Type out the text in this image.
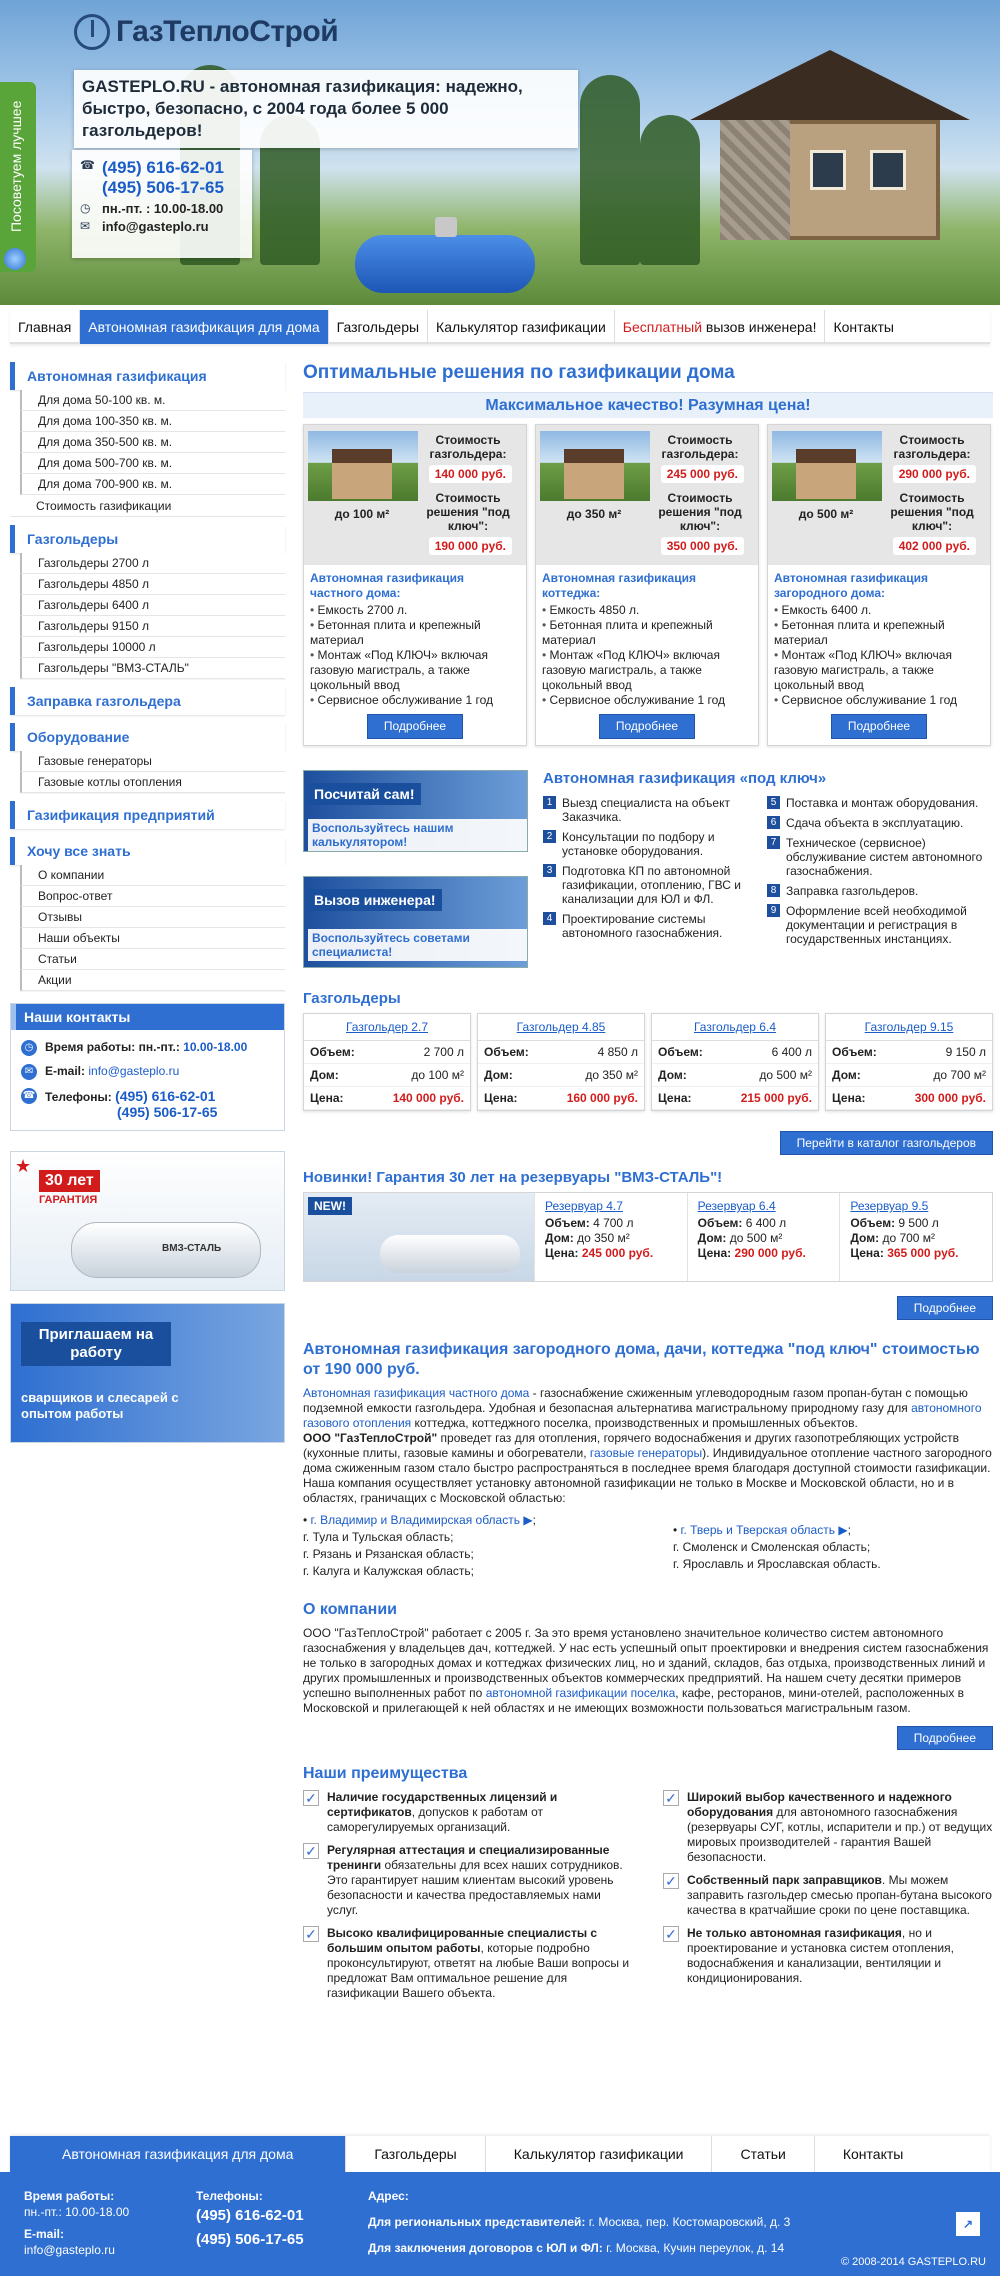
ГазТеплоСтрой
GASTEPLO.RU - автономная газификация: надежно, быстро, безопасно, с 2004 года более 5 000 газгольдеров!
☎ (495) 616-62-01
(495) 506-17-65
◷ пн.-пт. : 10.00-18.00
✉ info@gasteplo.ru
Посоветуем лучшее
Главная	Автономная газификация для дома	Газгольдеры	Калькулятор газификации	Бесплатный вызов инженера!	Контакты
Автономная газификация
Для дома 50-100 кв. м.
Для дома 100-350 кв. м.
Для дома 350-500 кв. м.
Для дома 500-700 кв. м.
Для дома 700-900 кв. м.
Стоимость газификации
Газгольдеры
Газгольдеры 2700 л
Газгольдеры 4850 л
Газгольдеры 6400 л
Газгольдеры 9150 л
Газгольдеры 10000 л
Газгольдеры "ВМЗ-СТАЛЬ"
Заправка газгольдера
Оборудование
Газовые генераторы
Газовые котлы отопления
Газификация предприятий
Хочу все знать
О компании
Вопрос-ответ
Отзывы
Наши объекты
Статьи
Акции
Наши контакты
◷ Время работы: пн.-пт.: 10.00-18.00
✉ E-mail: info@gasteplo.ru
☎ Телефоны: (495) 616-62-01
(495) 506-17-65
★
30 лет
ГАРАНТИЯ
ВМЗ-СТАЛЬ
Приглашаем на работу
сварщиков и слесарей с опытом работы
Оптимальные решения по газификации дома
Максимальное качество! Разумная цена!
до 100 м²
Стоимость газгольдера:
140 000 руб.
Стоимость решения "под ключ":
190 000 руб.
Автономная газификация частного дома:
• Емкость 2700 л.
• Бетонная плита и крепежный материал
• Монтаж «Под КЛЮЧ» включая газовую магистраль, а также цокольный ввод
• Сервисное обслуживание 1 год
Подробнее
до 350 м²
Стоимость газгольдера:
245 000 руб.
Стоимость решения "под ключ":
350 000 руб.
Автономная газификация коттеджа:
• Емкость 4850 л.
• Бетонная плита и крепежный материал
• Монтаж «Под КЛЮЧ» включая газовую магистраль, а также цокольный ввод
• Сервисное обслуживание 1 год
Подробнее
до 500 м²
Стоимость газгольдера:
290 000 руб.
Стоимость решения "под ключ":
402 000 руб.
Автономная газификация загородного дома:
• Емкость 6400 л.
• Бетонная плита и крепежный материал
• Монтаж «Под КЛЮЧ» включая газовую магистраль, а также цокольный ввод
• Сервисное обслуживание 1 год
Подробнее
Посчитай сам!
Воспользуйтесь нашим калькулятором!
Вызов инженера!
Воспользуйтесь советами специалиста!
Автономная газификация «под ключ»
1 Выезд специалиста на объект Заказчика.
2 Консультации по подбору и установке оборудования.
3 Подготовка КП по автономной газификации, отоплению, ГВС и канализации для ЮЛ и ФЛ.
4 Проектирование системы автономного газоснабжения.
5 Поставка и монтаж оборудования.
6 Сдача объекта в эксплуатацию.
7 Техническое (сервисное) обслуживание систем автономного газоснабжения.
8 Заправка газгольдеров.
9 Оформление всей необходимой документации и регистрация в государственных инстанциях.
Газгольдеры
Газгольдер 2.7
Объем:	2 700 л
Дом:	до 100 м²
Цена:	140 000 руб.
Газгольдер 4.85
Объем:	4 850 л
Дом:	до 350 м²
Цена:	160 000 руб.
Газгольдер 6.4
Объем:	6 400 л
Дом:	до 500 м²
Цена:	215 000 руб.
Газгольдер 9.15
Объем:	9 150 л
Дом:	до 700 м²
Цена:	300 000 руб.
Перейти в каталог газгольдеров
Новинки! Гарантия 30 лет на резервуары "ВМЗ-СТАЛЬ"!
NEW!	Резервуар 4.7
Объем: 4 700 л
Дом: до 350 м²
Цена: 245 000 руб.
Резервуар 6.4
Объем: 6 400 л
Дом: до 500 м²
Цена: 290 000 руб.
Резервуар 9.5
Объем: 9 500 л
Дом: до 700 м²
Цена: 365 000 руб.
Подробнее
Автономная газификация загородного дома, дачи, коттеджа "под ключ" стоимостью от 190 000 руб.

Автономная газификация частного дома - газоснабжение сжиженным углеводородным газом пропан-бутан с помощью подземной емкости газгольдера. Удобная и безопасная альтернатива магистральному природному газу для автономного газового отопления коттеджа, коттеджного поселка, производственных и промышленных объектов.

ООО "ГазТеплоСтрой" проведет газ для отопления, горячего водоснабжения и других газопотребляющих устройств (кухонные плиты, газовые камины и обогреватели, газовые генераторы). Индивидуальное отопление частного загородного дома сжиженным газом стало быстро распространяться в последнее время благодаря доступной стоимости газификации.

Наша компания осуществляет установку автономной газификации не только в Москве и Московской области, но и в областях, граничащих с Московской областью:

• г. Владимир и Владимирская область ▶;
г. Тула и Тульская область;
г. Рязань и Рязанская область;
г. Калуга и Калужская область;
• г. Тверь и Тверская область ▶;
г. Смоленск и Смоленская область;
г. Ярославль и Ярославская область.
О компании

ООО "ГазТеплоСтрой" работает с 2005 г. За это время установлено значительное количество систем автономного газоснабжения у владельцев дач, коттеджей. У нас есть успешный опыт проектировки и внедрения систем газоснабжения не только в загородных домах и коттеджах физических лиц, но и зданий, складов, баз отдыха, производственных линий и других промышленных и производственных объектов коммерческих предприятий. На нашем счету десятки примеров успешно выполненных работ по автономной газификации поселка, кафе, ресторанов, мини-отелей, расположенных в Московской и прилегающей к ней областях и не имеющих возможности пользоваться магистральным газом.

Подробнее
Наши преимущества
✓ Наличие государственных лицензий и сертификатов, допусков к работам от саморегулируемых организаций.
✓ Регулярная аттестация и специализированные тренинги обязательны для всех наших сотрудников. Это гарантирует нашим клиентам высокий уровень безопасности и качества предоставляемых нами услуг.
✓ Высоко квалифицированные специалисты с большим опытом работы, которые подробно проконсультируют, ответят на любые Ваши вопросы и предложат Вам оптимальное решение для газификации Вашего объекта.
✓ Широкий выбор качественного и надежного оборудования для автономного газоснабжения (резервуары СУГ, котлы, испарители и пр.) от ведущих мировых производителей - гарантия Вашей безопасности.
✓ Собственный парк заправщиков. Мы можем заправить газгольдер смесью пропан-бутана высокого качества в кратчайшие сроки по цене поставщика.
✓ Не только автономная газификация, но и проектирование и установка систем отопления, водоснабжения и канализации, вентиляции и кондиционирования.
Автономная газификация для дома	Газгольдеры	Калькулятор газификации	Статьи	Контакты
Время работы:
пн.-пт.: 10.00-18.00
E-mail:
info@gasteplo.ru
Телефоны:
(495) 616-62-01
(495) 506-17-65
Адрес:
Для региональных представителей: г. Москва, пер. Костомаровский, д. 3
Для заключения договоров с ЮЛ и ФЛ: г. Москва, Кучин переулок, д. 14
↗
© 2008-2014 GASTEPLO.RU
